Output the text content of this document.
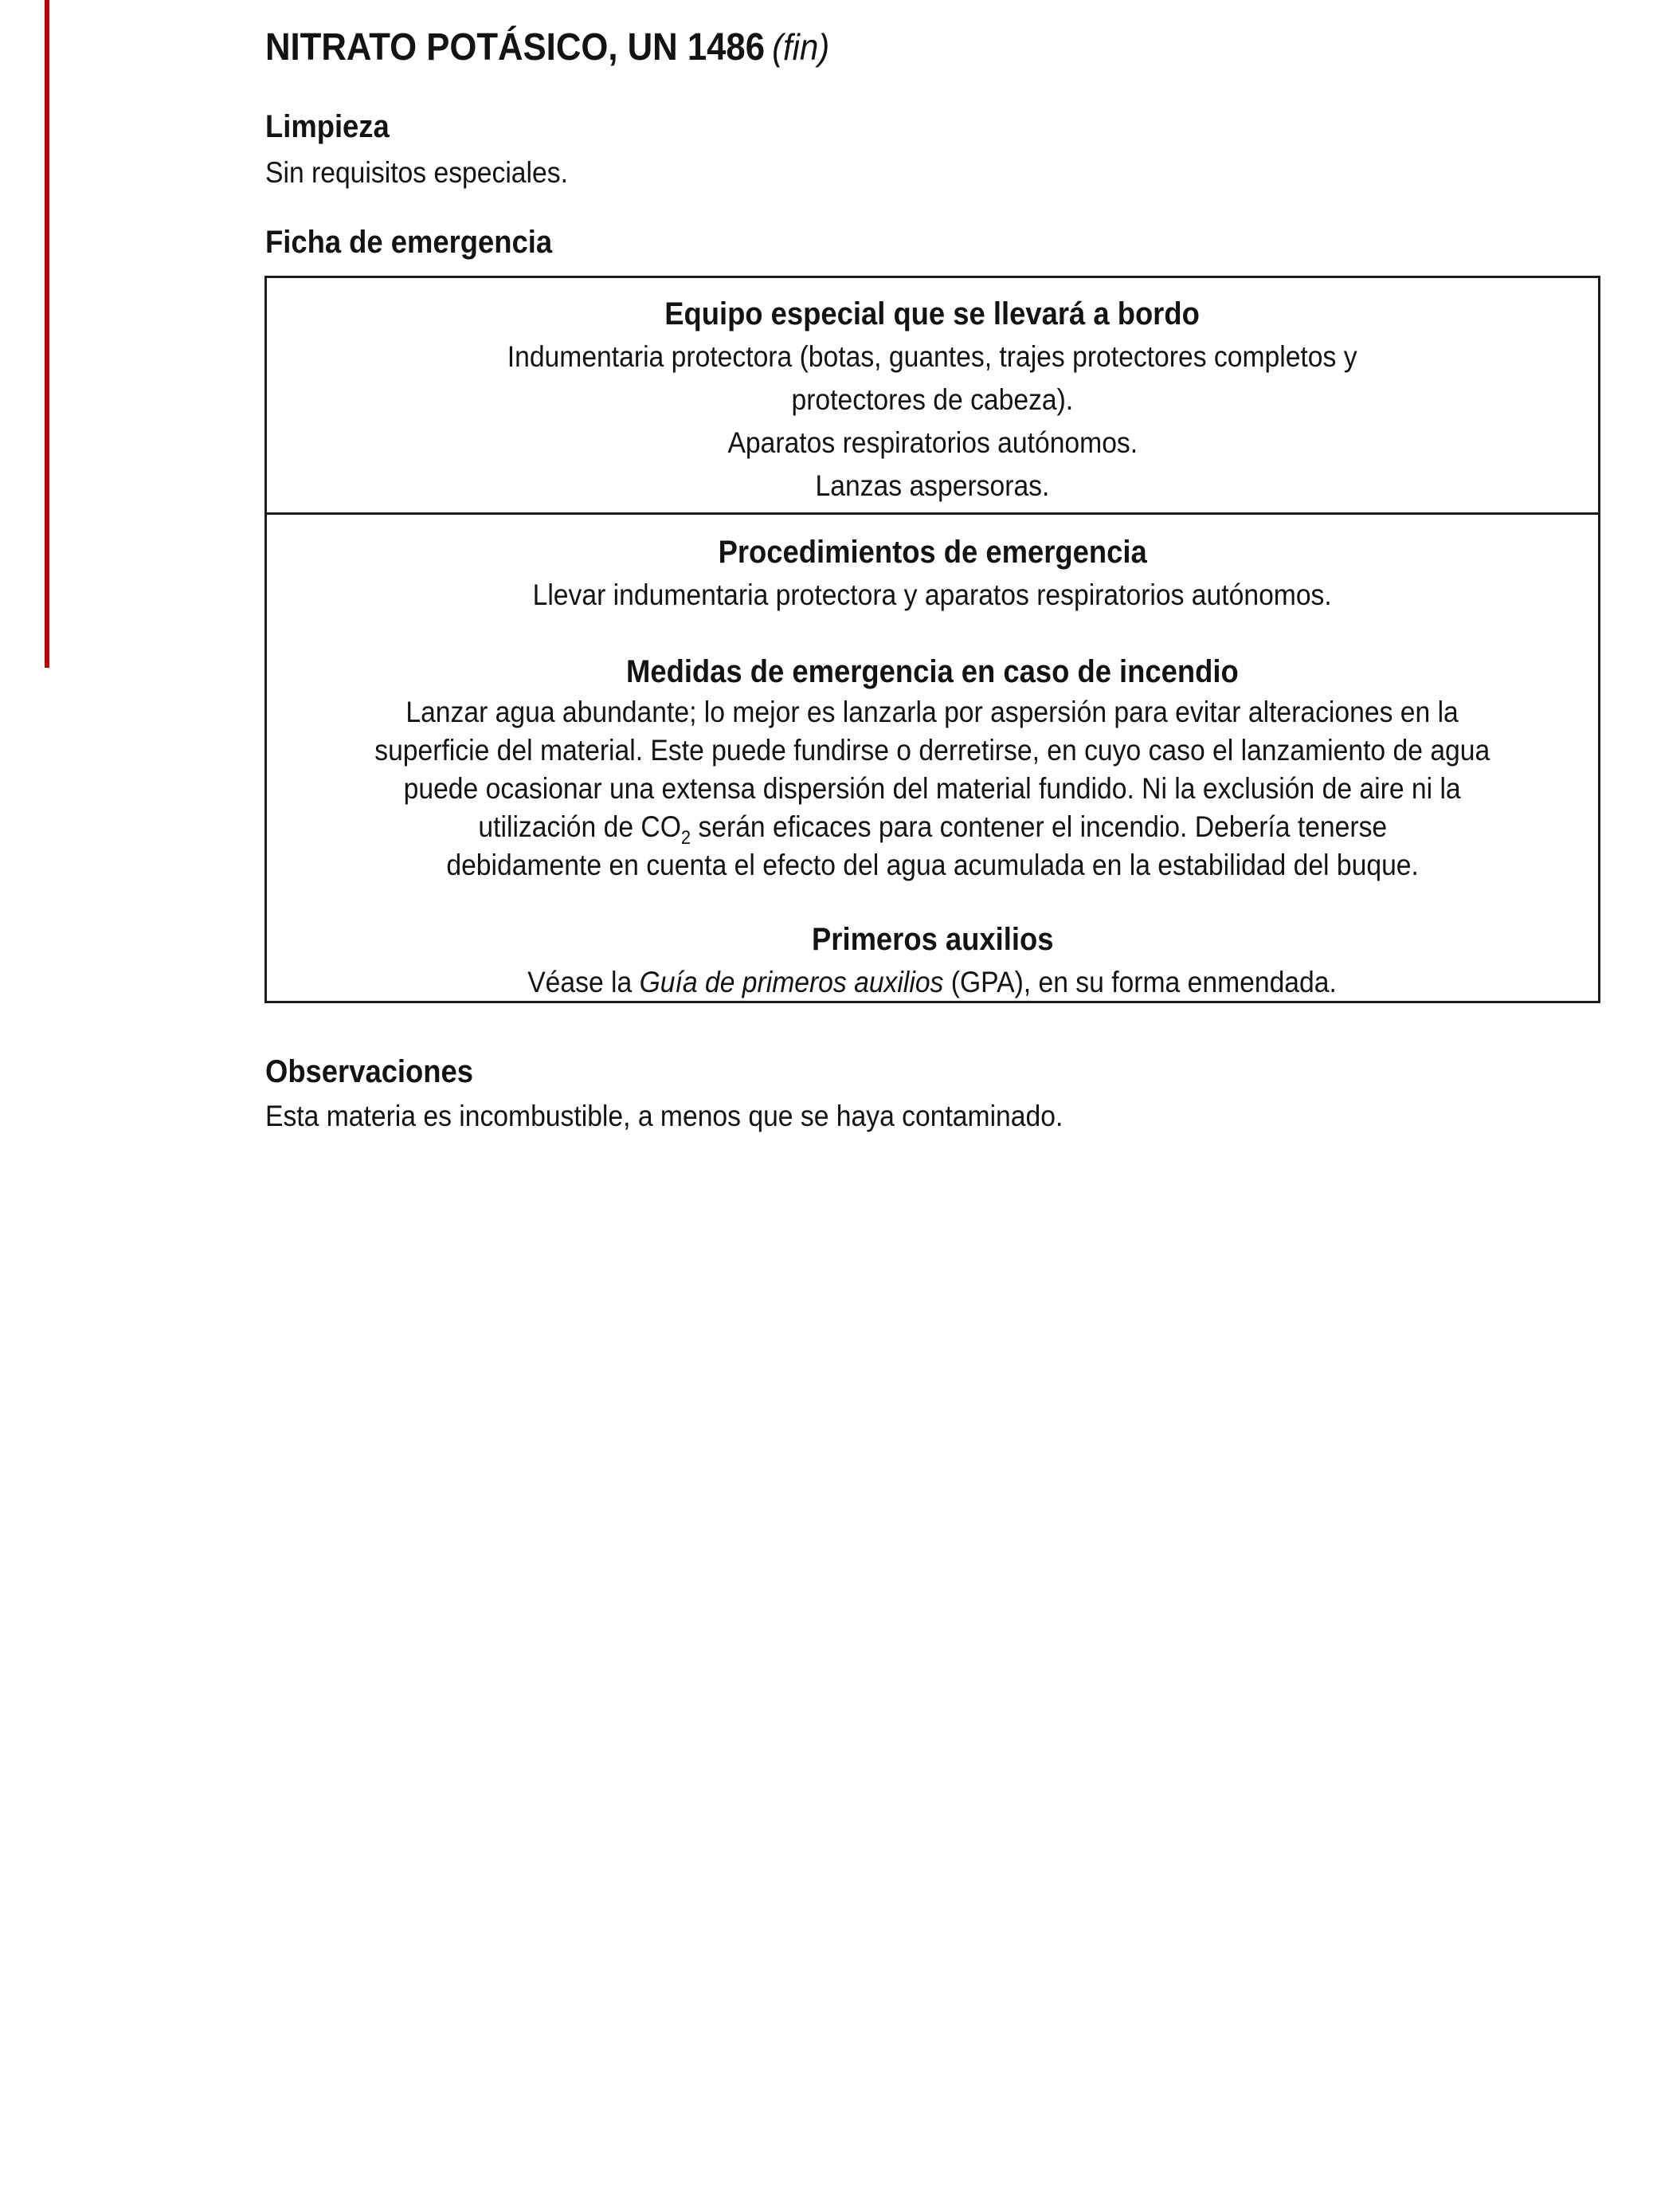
NITRATO POTÁSICO, UN 1486 (fin)
Limpieza
Sin requisitos especiales.
Ficha de emergencia
Equipo especial que se llevará a bordo
Indumentaria protectora (botas, guantes, trajes protectores completos y
protectores de cabeza).
Aparatos respiratorios autónomos.
Lanzas aspersoras.
Procedimientos de emergencia
Llevar indumentaria protectora y aparatos respiratorios autónomos.
Medidas de emergencia en caso de incendio
Lanzar agua abundante; lo mejor es lanzarla por aspersión para evitar alteraciones en la
superficie del material. Este puede fundirse o derretirse, en cuyo caso el lanzamiento de agua
puede ocasionar una extensa dispersión del material fundido. Ni la exclusión de aire ni la
utilización de $CO_2$ serán eficaces para contener el incendio. Debería tenerse
debidamente en cuenta el efecto del agua acumulada en la estabilidad del buque.
Primeros auxilios
Véase la Guía de primeros auxilios (GPA), en su forma enmendada.
Observaciones
Esta materia es incombustible, a menos que se haya contaminado.
